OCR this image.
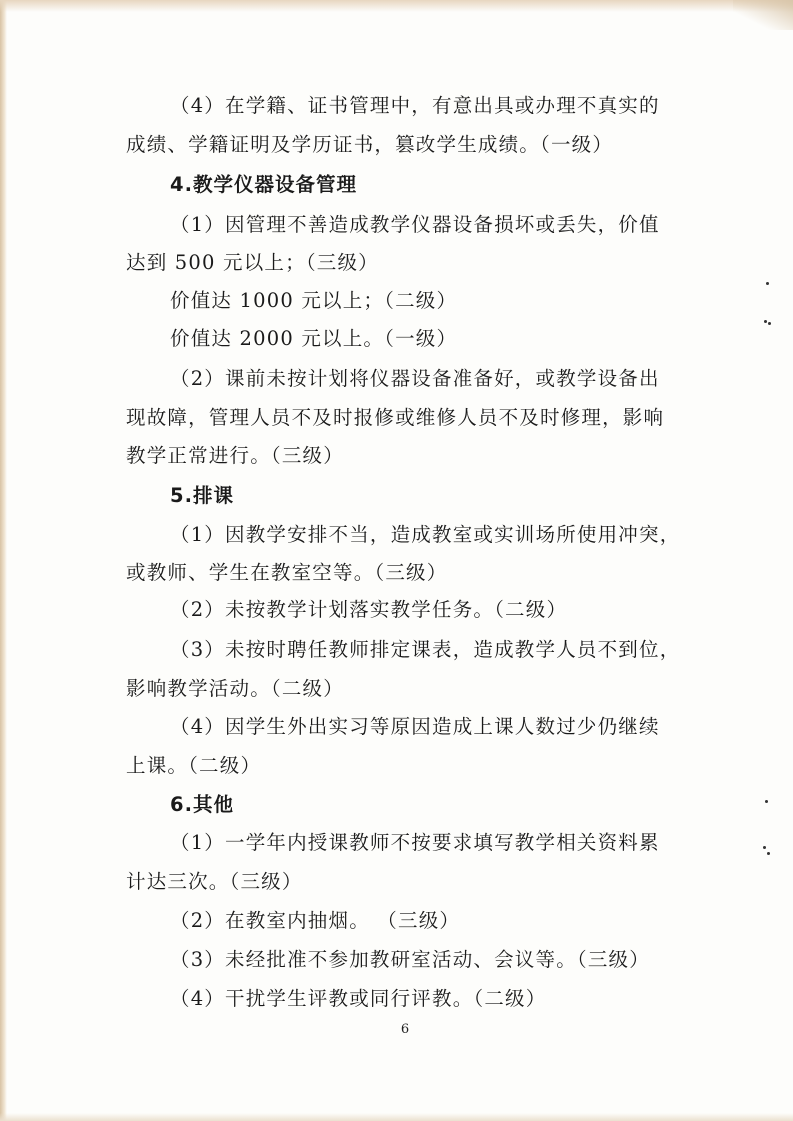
（4）在学籍、证书管理中，有意出具或办理不真实的
成绩、学籍证明及学历证书，篡改学生成绩。（一级）
4.教学仪器设备管理
（1）因管理不善造成教学仪器设备损坏或丢失，价值
达到 500 元以上；（三级）
价值达 1000 元以上；（二级）
价值达 2000 元以上。（一级）
（2）课前未按计划将仪器设备准备好，或教学设备出
现故障，管理人员不及时报修或维修人员不及时修理，影响
教学正常进行。（三级）
5.排课
（1）因教学安排不当，造成教室或实训场所使用冲突，
或教师、学生在教室空等。（三级）
（2）未按教学计划落实教学任务。（二级）
（3）未按时聘任教师排定课表，造成教学人员不到位，
影响教学活动。（二级）
（4）因学生外出实习等原因造成上课人数过少仍继续
上课。（二级）
6.其他
（1）一学年内授课教师不按要求填写教学相关资料累
计达三次。（三级）
（2）在教室内抽烟。 （三级）
（3）未经批准不参加教研室活动、会议等。（三级）
（4）干扰学生评教或同行评教。（二级）
6
